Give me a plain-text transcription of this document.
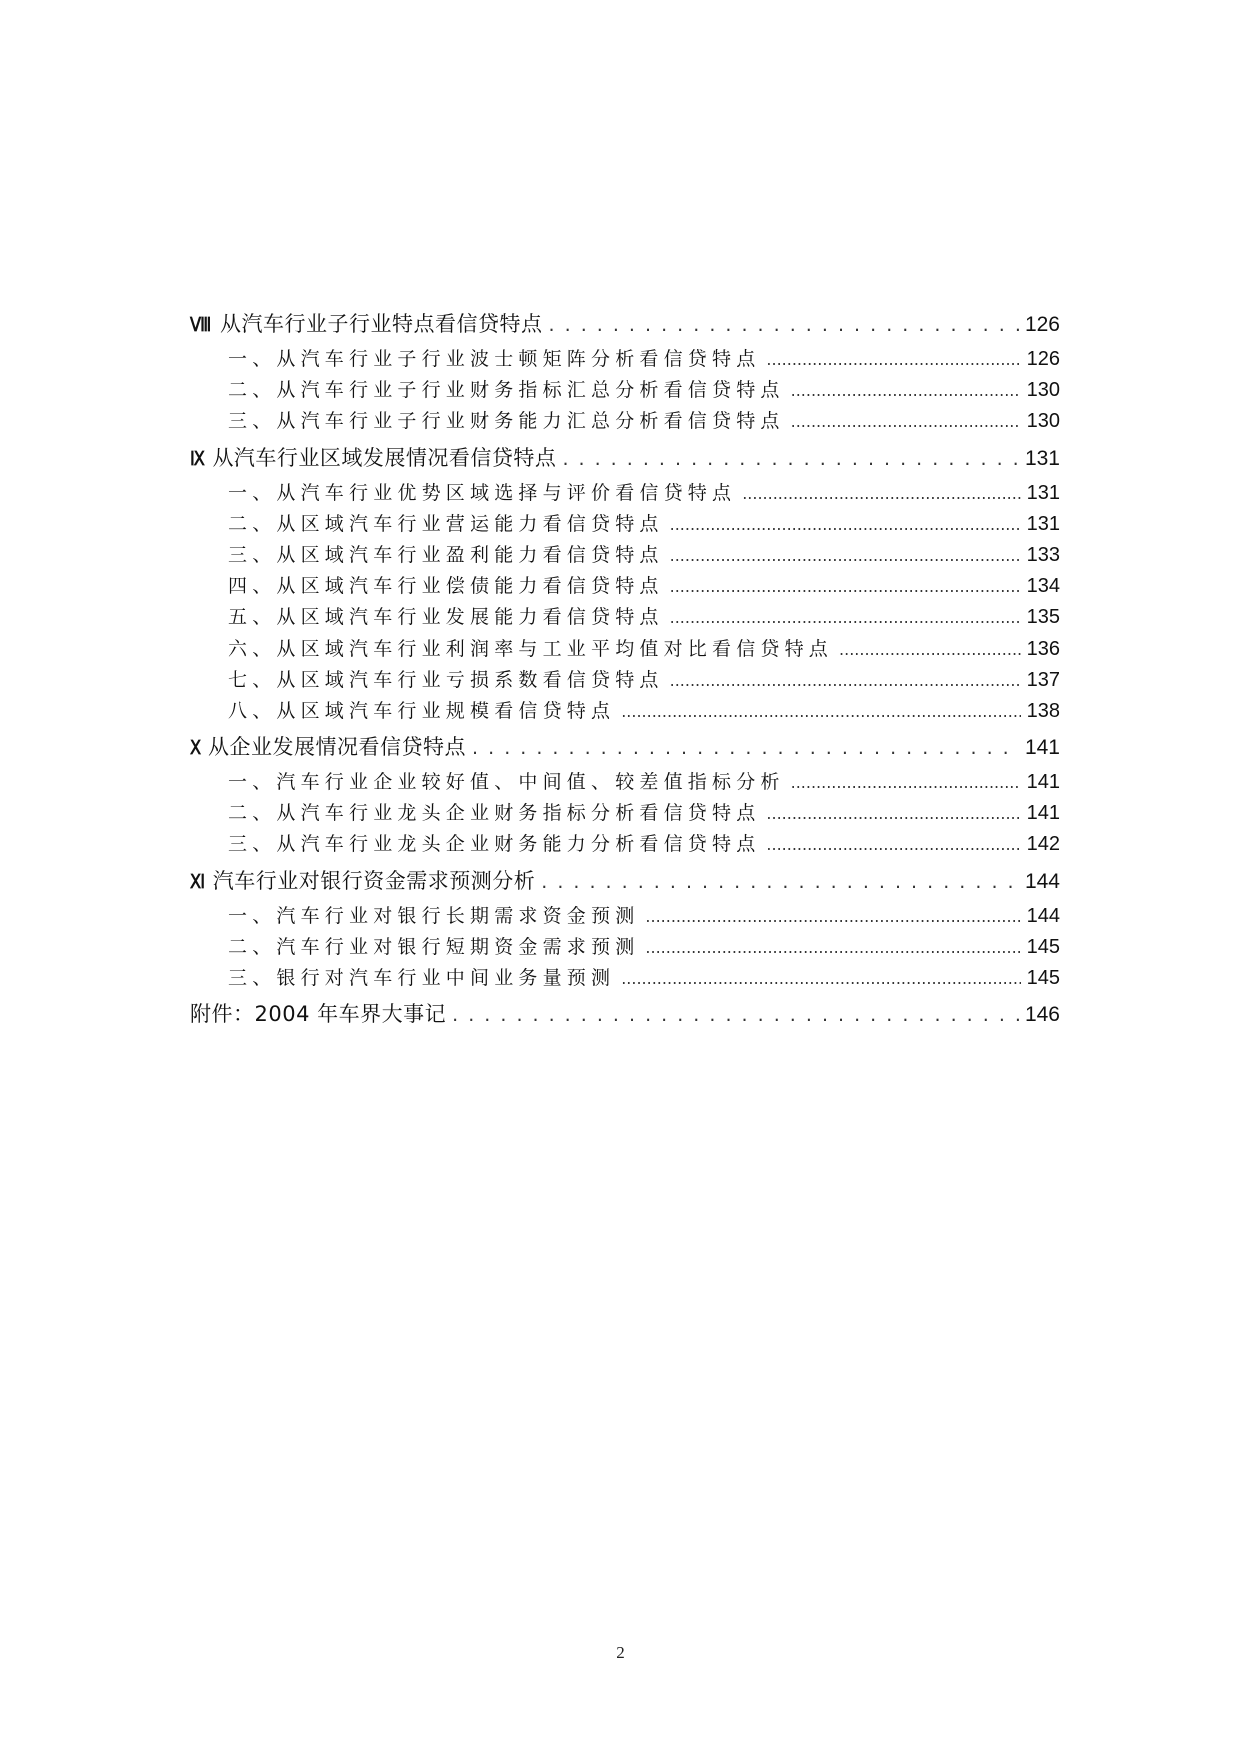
Ⅷ 从汽车行业子行业特点看信贷特点 . . .	126
一、从汽车行业子行业波士顿矩阵分析看信贷特点 .....	126
二、从汽车行业子行业财务指标汇总分析看信贷特点 .....	130
三、从汽车行业子行业财务能力汇总分析看信贷特点 .....	130
Ⅸ 从汽车行业区域发展情况看信贷特点 . . .	131
一、从汽车行业优势区域选择与评价看信贷特点 .....	131
二、从区域汽车行业营运能力看信贷特点 .....	131
三、从区域汽车行业盈利能力看信贷特点 .....	133
四、从区域汽车行业偿债能力看信贷特点 .....	134
五、从区域汽车行业发展能力看信贷特点 .....	135
六、从区域汽车行业利润率与工业平均值对比看信贷特点 .....	136
七、从区域汽车行业亏损系数看信贷特点 .....	137
八、从区域汽车行业规模看信贷特点 .....	138
Ⅹ 从企业发展情况看信贷特点 . . .	141
一、汽车行业企业较好值、中间值、较差值指标分析 .....	141
二、从汽车行业龙头企业财务指标分析看信贷特点 .....	141
三、从汽车行业龙头企业财务能力分析看信贷特点 .....	142
Ⅺ 汽车行业对银行资金需求预测分析 . . .	144
一、汽车行业对银行长期需求资金预测 .....	144
二、汽车行业对银行短期资金需求预测 .....	145
三、银行对汽车行业中间业务量预测 .....	145
附件：2004 年车界大事记 . . .	146
2
